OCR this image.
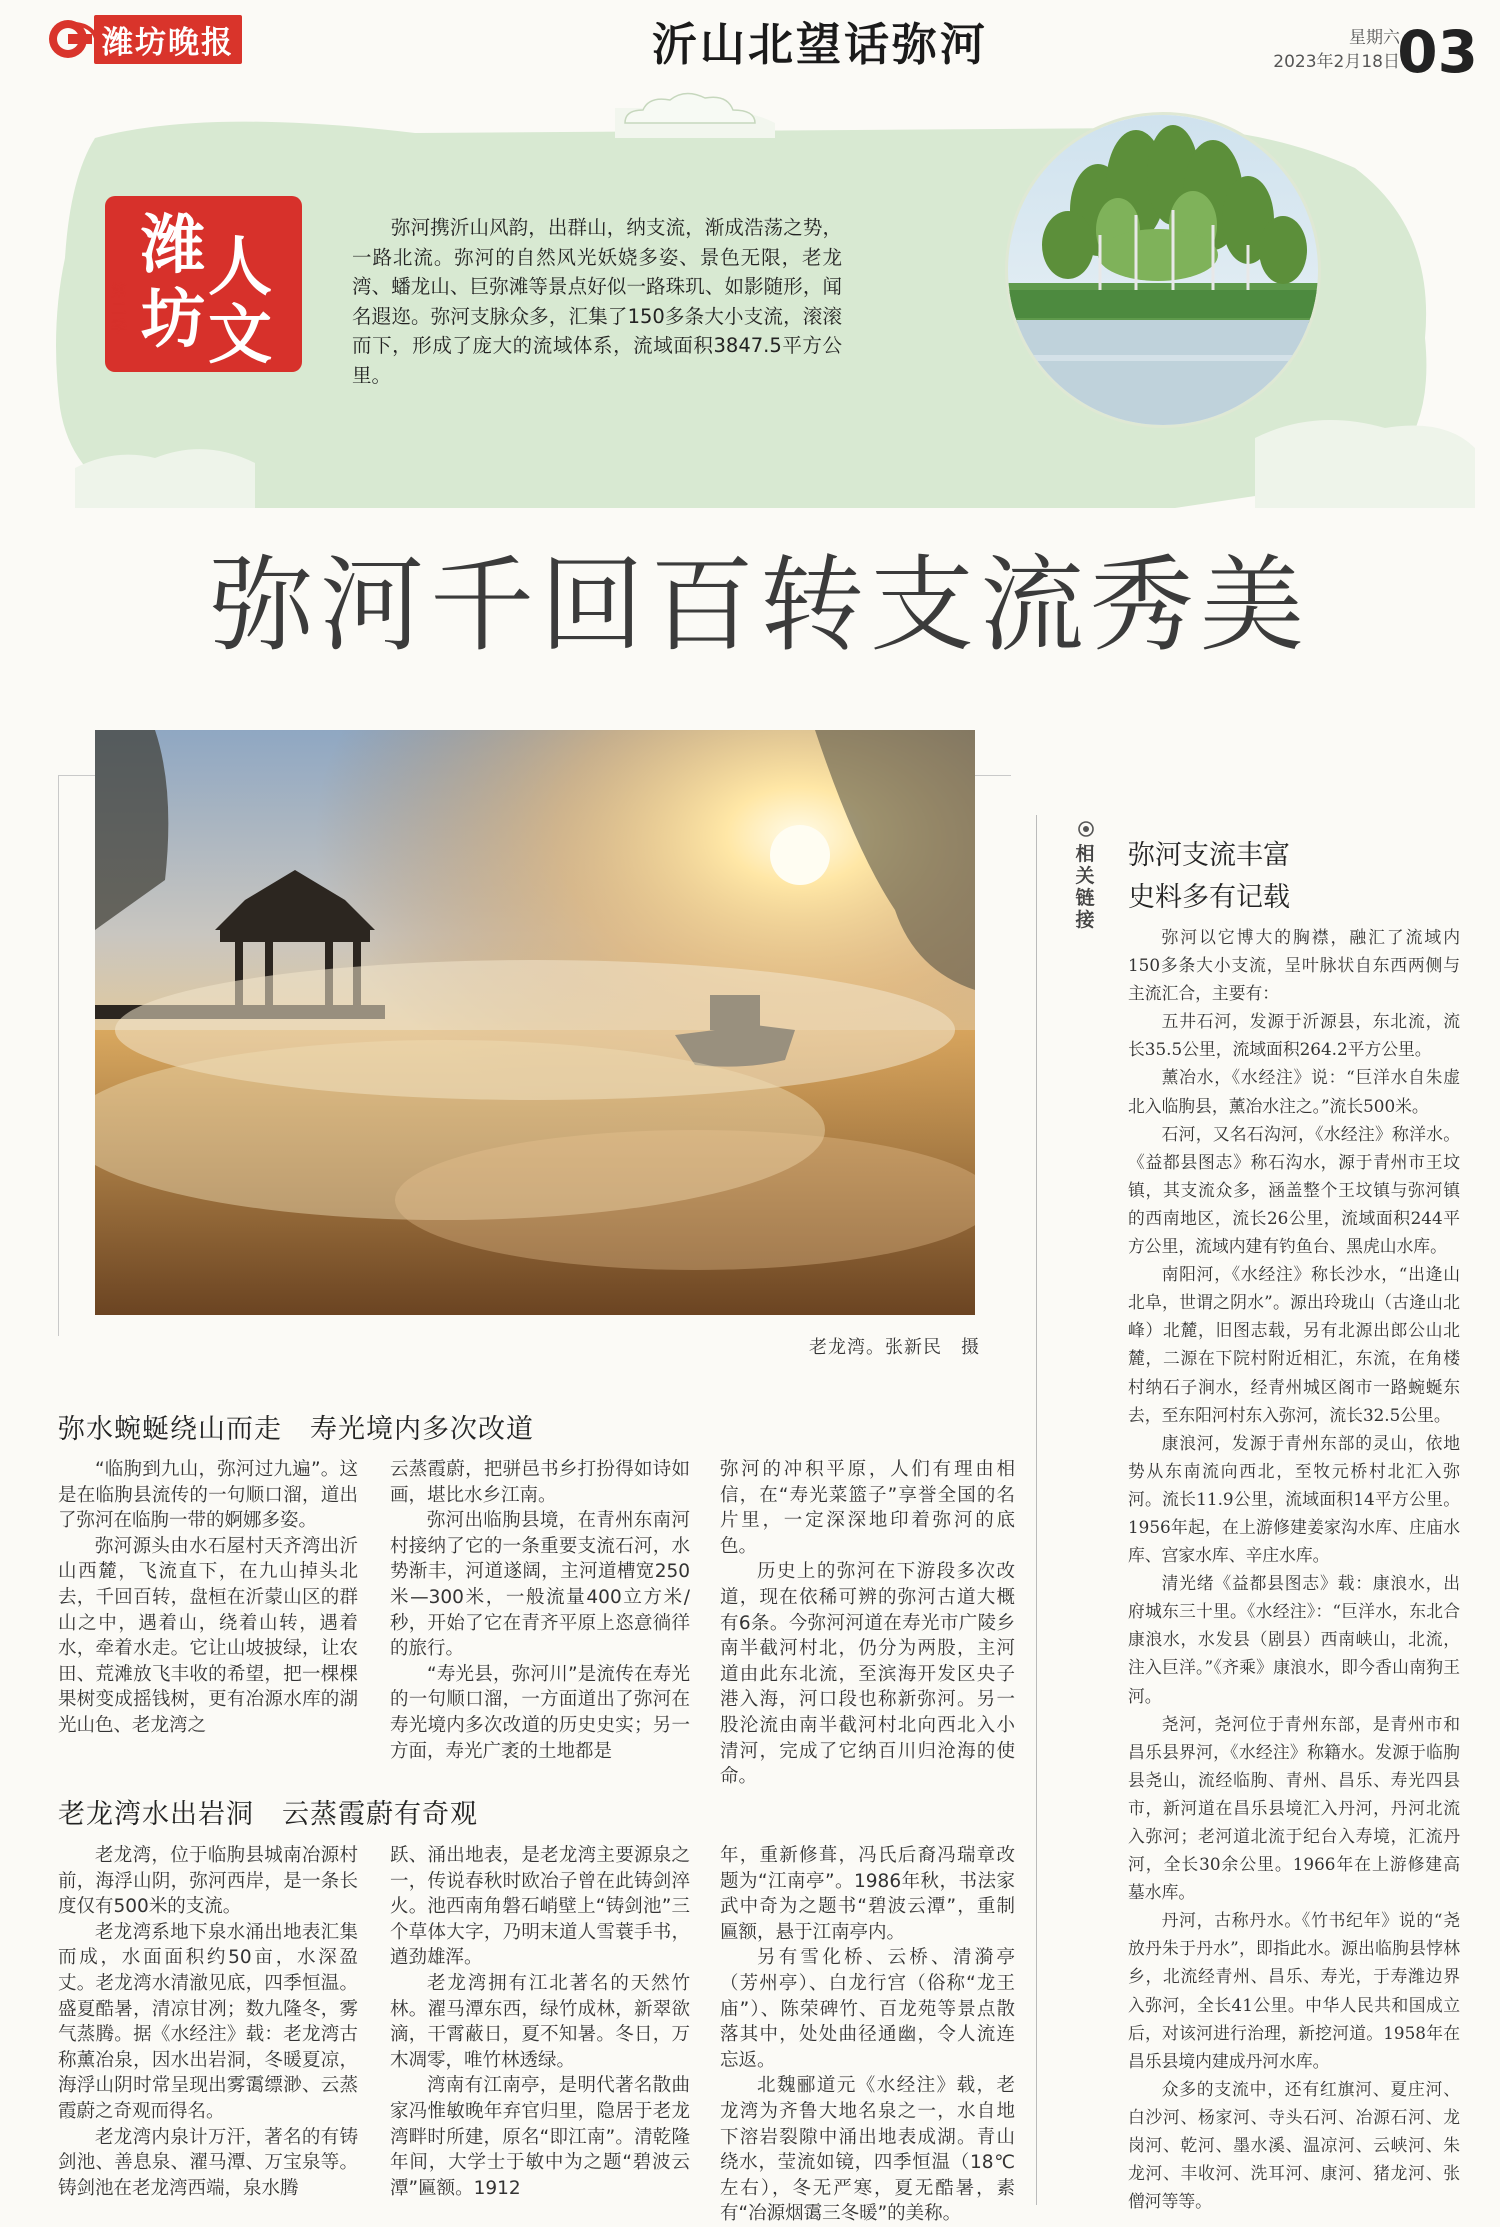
潍坊晚报	沂山北望话弥河	星期六
2023年2月18日
03
潍 人
坊 文
第二季
弥河携沂山风韵，出群山，纳支流，渐成浩荡之势，一路北流。弥河的自然风光妖娆多姿、景色无限，老龙湾、蟠龙山、巨弥滩等景点好似一路珠玑、如影随形，闻名遐迩。弥河支脉众多，汇集了150多条大小支流，滚滚而下，形成了庞大的流域体系，流域面积3847.5平方公里。
弥河千回百转支流秀美
老龙湾。张新民　摄
弥水蜿蜒绕山而走　寿光境内多次改道

“临朐到九山，弥河过九遍”。这是在临朐县流传的一句顺口溜，道出了弥河在临朐一带的婀娜多姿。

弥河源头由水石屋村天齐湾出沂山西麓，飞流直下，在九山掉头北去，千回百转，盘桓在沂蒙山区的群山之中，遇着山，绕着山转，遇着水，牵着水走。它让山坡披绿，让农田、荒滩放飞丰收的希望，把一棵棵果树变成摇钱树，更有冶源水库的湖光山色、老龙湾之

云蒸霞蔚，把骈邑书乡打扮得如诗如画，堪比水乡江南。

弥河出临朐县境，在青州东南河村接纳了它的一条重要支流石河，水势渐丰，河道遂阔，主河道槽宽250米—300米，一般流量400立方米/秒，开始了它在青齐平原上恣意徜徉的旅行。

“寿光县，弥河川”是流传在寿光的一句顺口溜，一方面道出了弥河在寿光境内多次改道的历史史实；另一方面，寿光广袤的土地都是

弥河的冲积平原，人们有理由相信，在“寿光菜篮子”享誉全国的名片里，一定深深地印着弥河的底色。

历史上的弥河在下游段多次改道，现在依稀可辨的弥河古道大概有6条。今弥河河道在寿光市广陵乡南半截河村北，仍分为两股，主河道由此东北流，至滨海开发区央子港入海，河口段也称新弥河。另一股沦流由南半截河村北向西北入小清河，完成了它纳百川归沧海的使命。

老龙湾水出岩洞　云蒸霞蔚有奇观

老龙湾，位于临朐县城南冶源村前，海浮山阴，弥河西岸，是一条长度仅有500米的支流。

老龙湾系地下泉水涌出地表汇集而成，水面面积约50亩，水深盈丈。老龙湾水清澈见底，四季恒温。盛夏酷暑，清凉甘冽；数九隆冬，雾气蒸腾。据《水经注》载：老龙湾古称薰冶泉，因水出岩洞，冬暖夏凉，海浮山阴时常呈现出雾霭缥渺、云蒸霞蔚之奇观而得名。

老龙湾内泉计万汗，著名的有铸剑池、善息泉、濯马潭、万宝泉等。铸剑池在老龙湾西端，泉水腾

跃、涌出地表，是老龙湾主要源泉之一，传说春秋时欧冶子曾在此铸剑淬火。池西南角磐石峭壁上“铸剑池”三个草体大字，乃明末道人雪蓑手书，遒劲雄浑。

老龙湾拥有江北著名的天然竹林。濯马潭东西，绿竹成林，新翠欲滴，干霄蔽日，夏不知暑。冬日，万木凋零，唯竹林透绿。

湾南有江南亭，是明代著名散曲家冯惟敏晚年弃官归里，隐居于老龙湾畔时所建，原名“即江南”。清乾隆年间，大学士于敏中为之题“碧波云潭”匾额。1912

年，重新修葺，冯氏后裔冯瑞章改题为“江南亭”。1986年秋，书法家武中奇为之题书“碧波云潭”，重制匾额，悬于江南亭内。

另有雪化桥、云桥、清漪亭（芳州亭）、白龙行宫（俗称“龙王庙”）、陈荣碑竹、百龙苑等景点散落其中，处处曲径通幽，令人流连忘返。

北魏郦道元《水经注》载，老龙湾为齐鲁大地名泉之一，水自地下溶岩裂隙中涌出地表成湖。青山绕水，莹流如镜，四季恒温（18℃左右），冬无严寒，夏无酷暑，素有“冶源烟霭三冬暖”的美称。

相关链接
弥河支流丰富
史料多有记载

弥河以它博大的胸襟，融汇了流域内150多条大小支流，呈叶脉状自东西两侧与主流汇合，主要有：

五井石河，发源于沂源县，东北流，流长35.5公里，流域面积264.2平方公里。

薰冶水，《水经注》说：“巨洋水自朱虚北入临朐县，薰冶水注之。”流长500米。

石河，又名石沟河，《水经注》称洋水。《益都县图志》称石沟水，源于青州市王坟镇，其支流众多，涵盖整个王坟镇与弥河镇的西南地区，流长26公里，流域面积244平方公里，流域内建有钓鱼台、黑虎山水库。

南阳河，《水经注》称长沙水，“出逄山北阜，世谓之阴水”。源出玲珑山（古逄山北峰）北麓，旧图志载，另有北源出郎公山北麓，二源在下院村附近相汇，东流，在角楼村纳石子涧水，经青州城区阁市一路蜿蜒东去，至东阳河村东入弥河，流长32.5公里。

康浪河，发源于青州东部的灵山，依地势从东南流向西北，至牧元桥村北汇入弥河。流长11.9公里，流域面积14平方公里。1956年起，在上游修建姜家沟水库、庄庙水库、宫家水库、辛庄水库。

清光绪《益都县图志》载：康浪水，出府城东三十里。《水经注》：“巨洋水，东北合康浪水，水发县（剧县）西南峡山，北流，注入巨洋。”《齐乘》康浪水，即今香山南狗王河。

尧河，尧河位于青州东部，是青州市和昌乐县界河，《水经注》称籍水。发源于临朐县尧山，流经临朐、青州、昌乐、寿光四县市，新河道在昌乐县境汇入丹河，丹河北流入弥河；老河道北流于纪台入寿境，汇流丹河，全长30余公里。1966年在上游修建高墓水库。

丹河，古称丹水。《竹书纪年》说的“尧放丹朱于丹水”，即指此水。源出临朐县悖林乡，北流经青州、昌乐、寿光，于寿潍边界入弥河，全长41公里。中华人民共和国成立后，对该河进行治理，新挖河道。1958年在昌乐县境内建成丹河水库。

众多的支流中，还有红旗河、夏庄河、白沙河、杨家河、寺头石河、冶源石河、龙岗河、乾河、墨水溪、温凉河、云峡河、朱龙河、丰收河、洗耳河、康河、猪龙河、张僧河等等。
